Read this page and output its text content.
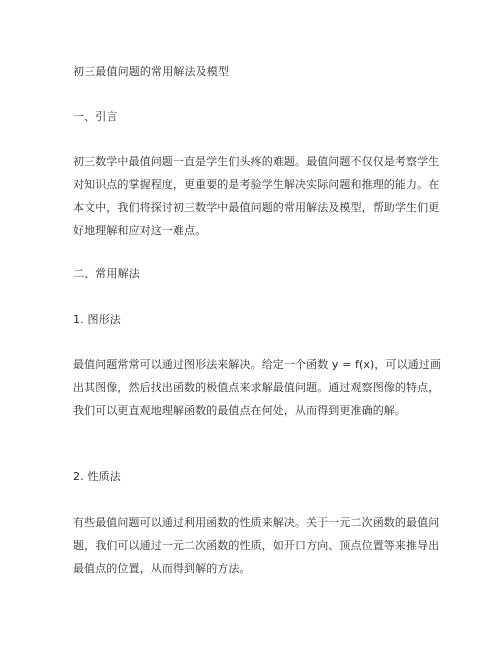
初三最值问题的常用解法及模型
一、引言
初三数学中最值问题一直是学生们头疼的难题。最值问题不仅仅是考察学生对知识点的掌握程度，更重要的是考验学生解决实际问题和推理的能力。在本文中，我们将探讨初三数学中最值问题的常用解法及模型，帮助学生们更好地理解和应对这一难点。
二、常用解法
1. 图形法
最值问题常常可以通过图形法来解决。给定一个函数 y = f(x)，可以通过画出其图像，然后找出函数的极值点来求解最值问题。通过观察图像的特点，我们可以更直观地理解函数的最值点在何处，从而得到更准确的解。
2. 性质法
有些最值问题可以通过利用函数的性质来解决。关于一元二次函数的最值问题，我们可以通过一元二次函数的性质，如开口方向、顶点位置等来推导出最值点的位置，从而得到解的方法。
